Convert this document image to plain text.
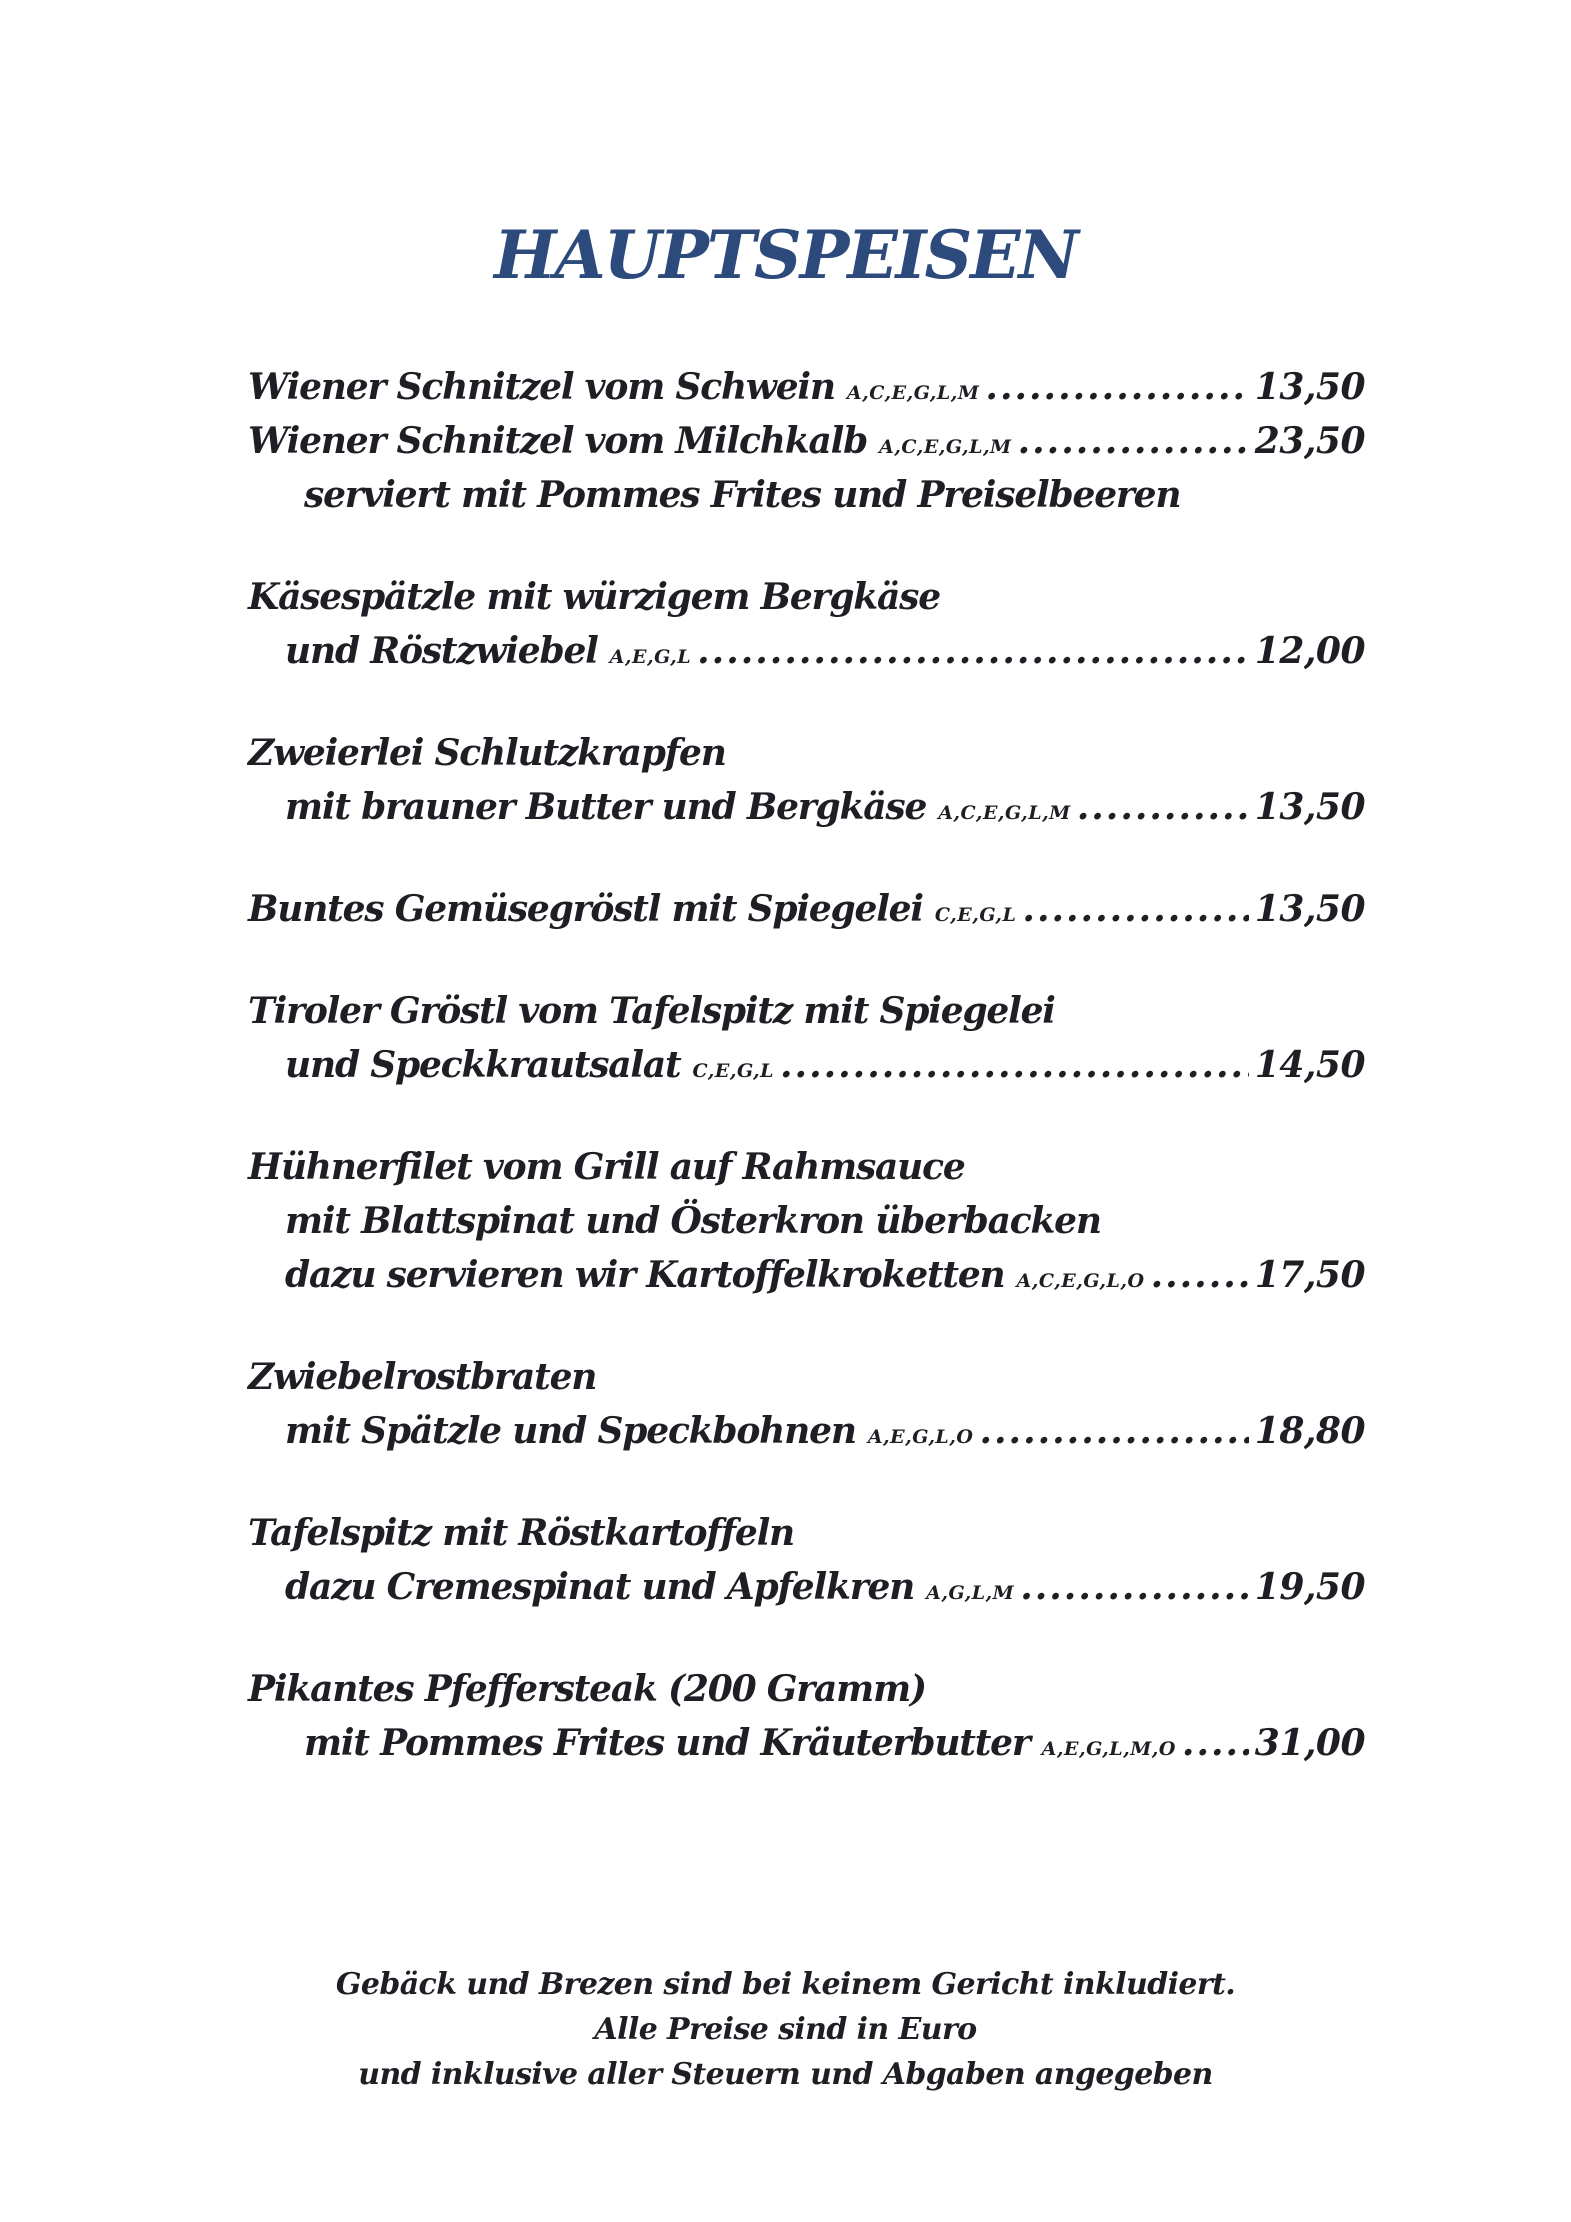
HAUPTSPEISEN
Wiener Schnitzel vom Schwein A,C,E,G,L,M .....	13,50
Wiener Schnitzel vom Milchkalb A,C,E,G,L,M .....	23,50
serviert mit Pommes Frites und Preiselbeeren
Käsespätzle mit würzigem Bergkäse
und Röstzwiebel A,E,G,L .....	12,00
Zweierlei Schlutzkrapfen
mit brauner Butter und Bergkäse A,C,E,G,L,M .....	13,50
Buntes Gemüsegröstl mit Spiegelei C,E,G,L .....	13,50
Tiroler Gröstl vom Tafelspitz mit Spiegelei
und Speckkrautsalat C,E,G,L .....	14,50
Hühnerfilet vom Grill auf Rahmsauce
mit Blattspinat und Österkron überbacken
dazu servieren wir Kartoffelkroketten A,C,E,G,L,O .....	17,50
Zwiebelrostbraten
mit Spätzle und Speckbohnen A,E,G,L,O .....	18,80
Tafelspitz mit Röstkartoffeln
dazu Cremespinat und Apfelkren A,G,L,M .....	19,50
Pikantes Pfeffersteak (200 Gramm)
mit Pommes Frites und Kräuterbutter A,E,G,L,M,O ..... 31,00
Gebäck und Brezen sind bei keinem Gericht inkludiert.
Alle Preise sind in Euro
und inklusive aller Steuern und Abgaben angegeben
